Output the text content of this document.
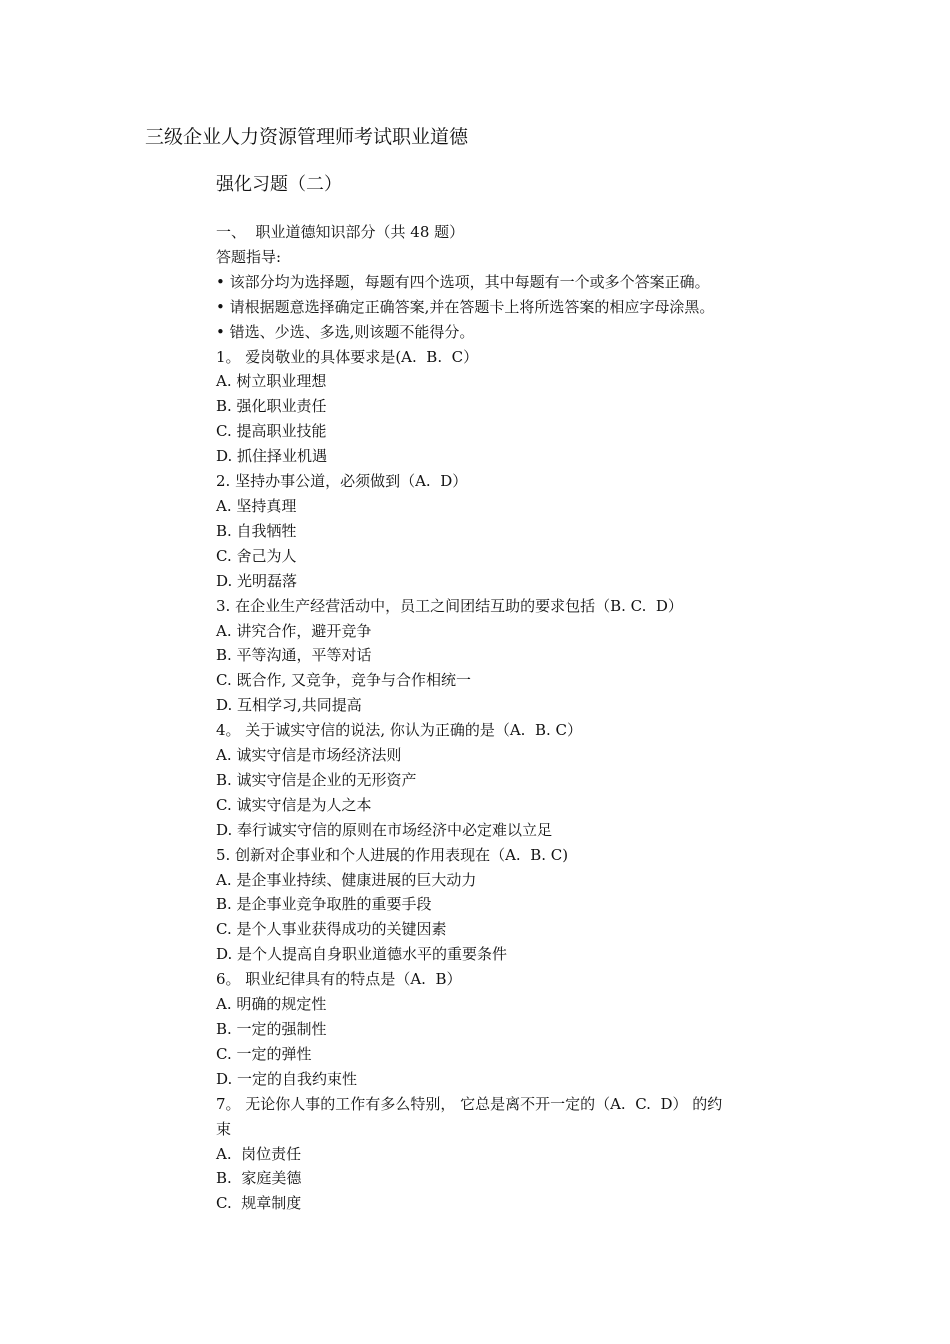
三级企业人力资源管理师考试职业道德
强化习题（二）
一、  职业道德知识部分（共 48 题）
答题指导:
• 该部分均为选择题，每题有四个选项，其中每题有一个或多个答案正确。
• 请根据题意选择确定正确答案,并在答题卡上将所选答案的相应字母涂黑。
• 错选、少选、多选,则该题不能得分。
1。 爱岗敬业的具体要求是(A.  B.  C）
A. 树立职业理想
B. 强化职业责任
C. 提高职业技能
D. 抓住择业机遇
2. 坚持办事公道，必须做到（A.  D）
A. 坚持真理
B. 自我牺牲
C. 舍己为人
D. 光明磊落
3. 在企业生产经营活动中，员工之间团结互助的要求包括（B. C.  D）
A. 讲究合作，避开竞争
B. 平等沟通，平等对话
C. 既合作, 又竞争，竞争与合作相统一
D. 互相学习,共同提高
4。 关于诚实守信的说法, 你认为正确的是（A.  B. C）
A. 诚实守信是市场经济法则
B. 诚实守信是企业的无形资产
C. 诚实守信是为人之本
D. 奉行诚实守信的原则在市场经济中必定难以立足
5. 创新对企事业和个人进展的作用表现在（A.  B. C)
A. 是企事业持续、健康进展的巨大动力
B. 是企事业竞争取胜的重要手段
C. 是个人事业获得成功的关键因素
D. 是个人提高自身职业道德水平的重要条件
6。 职业纪律具有的特点是（A.  B）
A. 明确的规定性
B. 一定的强制性
C. 一定的弹性
D. 一定的自我约束性
7。 无论你人事的工作有多么特别， 它总是离不开一定的（A.  C.  D） 的约
束
A.  岗位责任
B.  家庭美德
C.  规章制度
